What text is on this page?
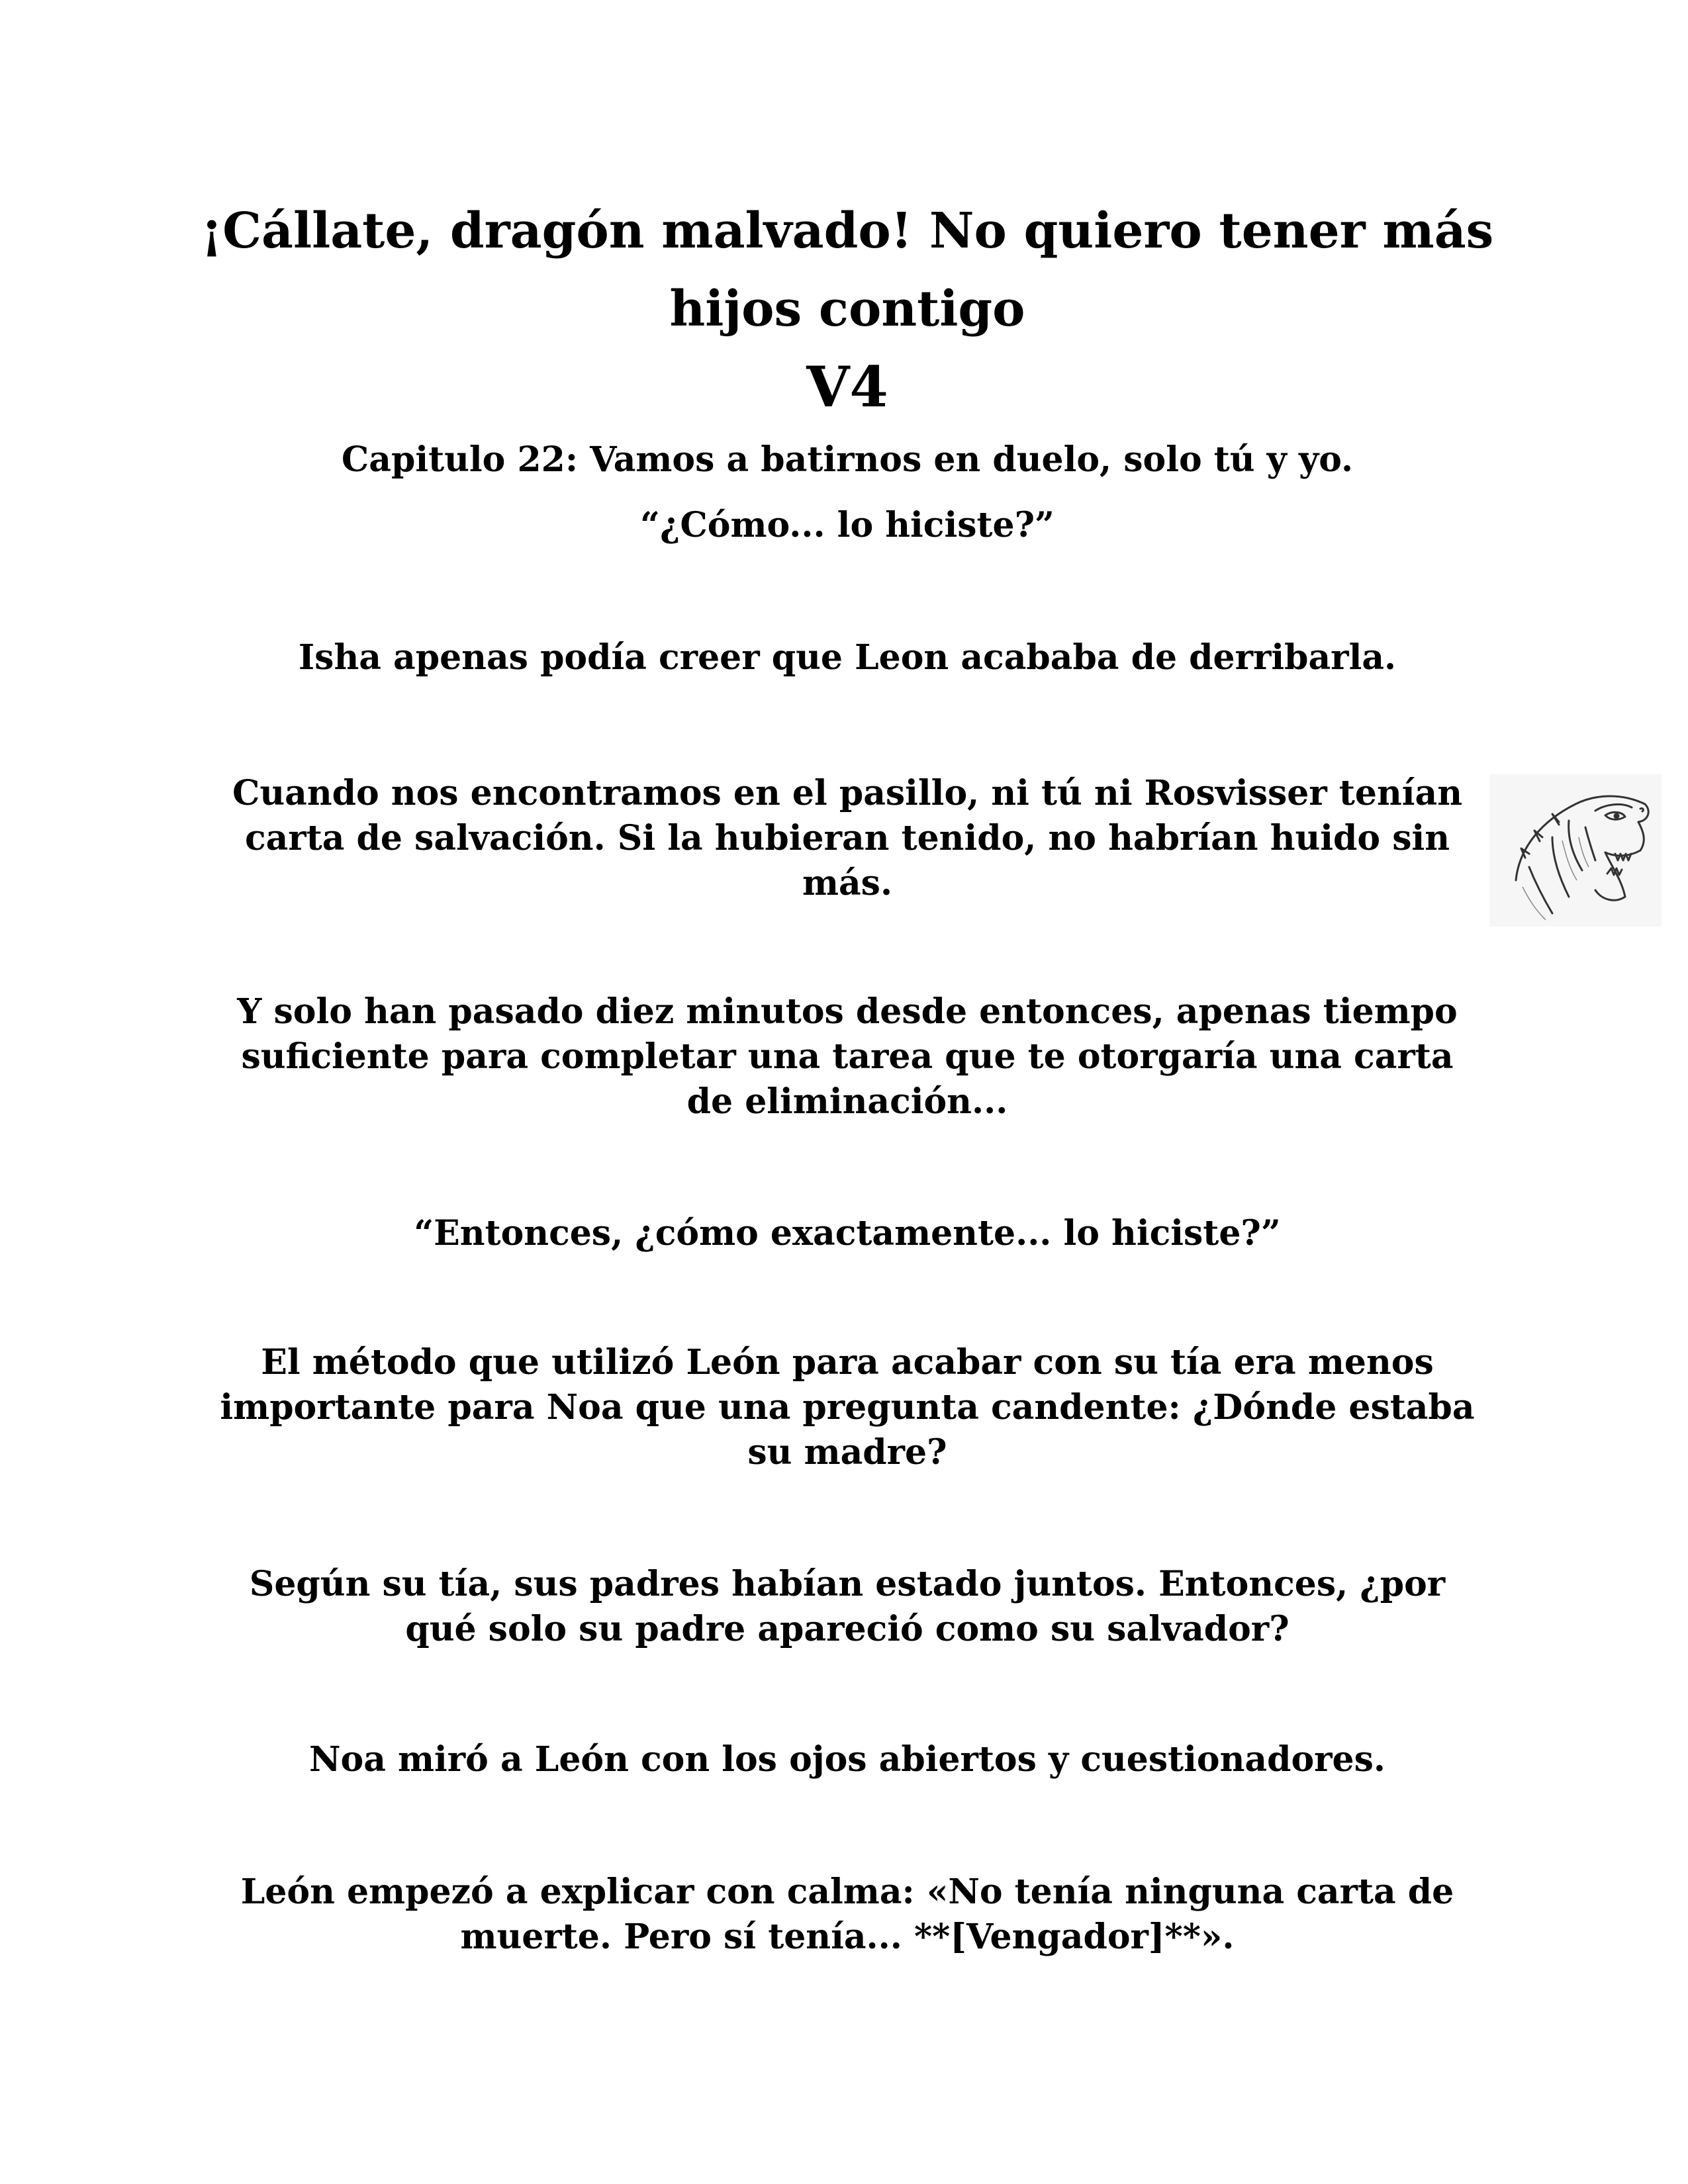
¡Cállate, dragón malvado! No quiero tener más hijos contigo
V4
Capitulo 22: Vamos a batirnos en duelo, solo tú y yo.

“¿Cómo... lo hiciste?”

Isha apenas podía creer que Leon acababa de derribarla.

Cuando nos encontramos en el pasillo, ni tú ni Rosvisser tenían carta de salvación. Si la hubieran tenido, no habrían huido sin más.

Y solo han pasado diez minutos desde entonces, apenas tiempo suficiente para completar una tarea que te otorgaría una carta de eliminación...

“Entonces, ¿cómo exactamente... lo hiciste?”

El método que utilizó León para acabar con su tía era menos importante para Noa que una pregunta candente: ¿Dónde estaba su madre?

Según su tía, sus padres habían estado juntos. Entonces, ¿por qué solo su padre apareció como su salvador?

Noa miró a León con los ojos abiertos y cuestionadores.

León empezó a explicar con calma: «No tenía ninguna carta de muerte. Pero sí tenía... **[Vengador]**».
